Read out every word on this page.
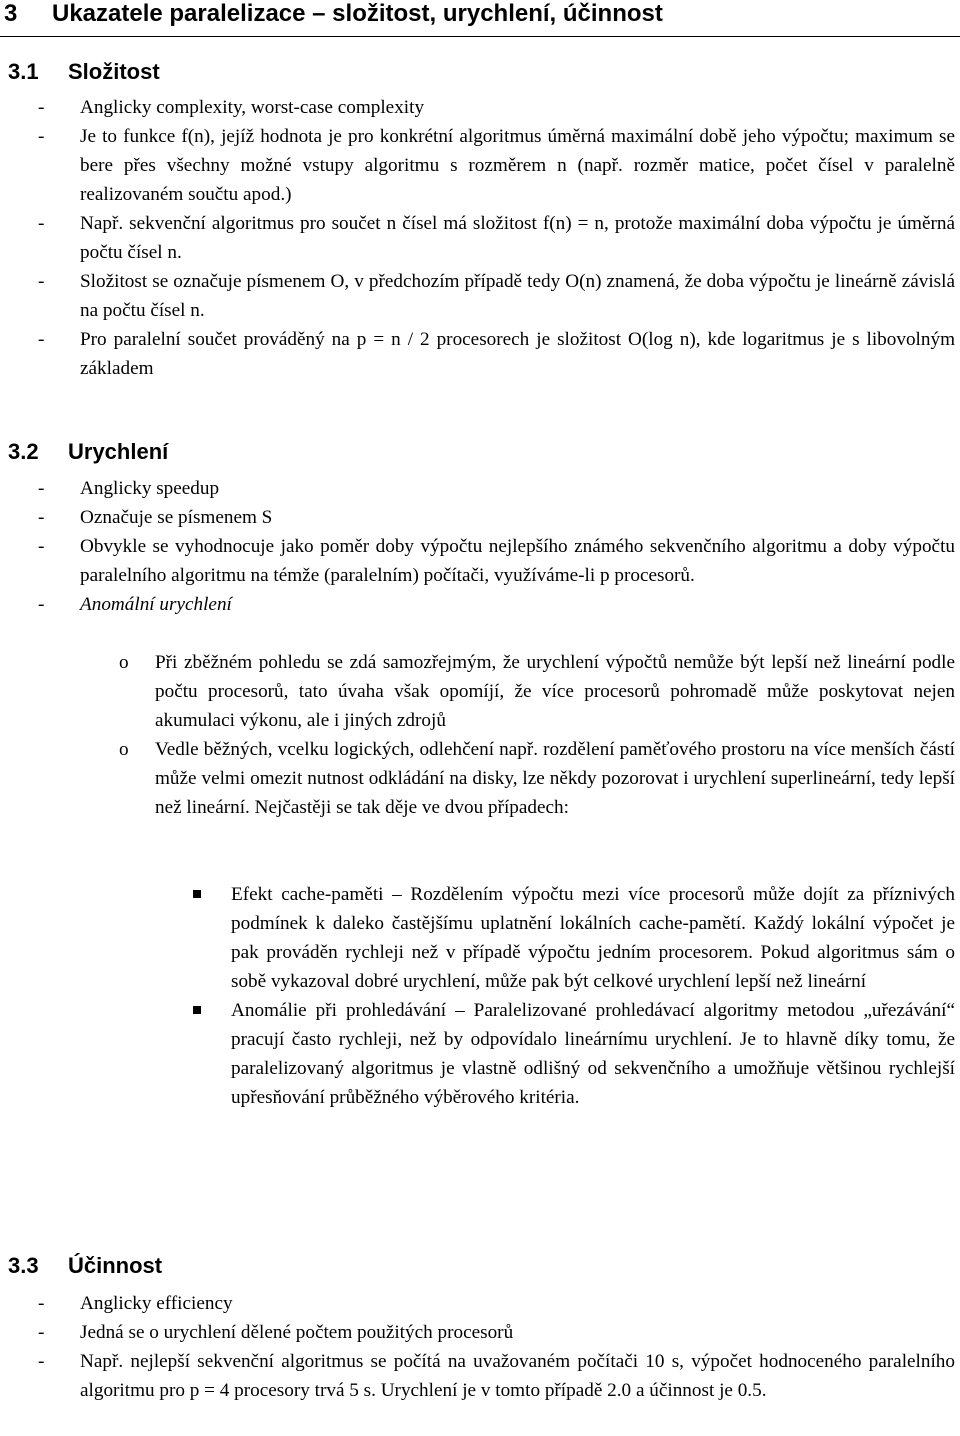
3 Ukazatele paralelizace – složitost, urychlení, účinnost
3.1 Složitost
- Anglicky complexity, worst-case complexity
- Je to funkce f(n), jejíž hodnota je pro konkrétní algoritmus úměrná maximální době jeho výpočtu; maximum se bere přes všechny možné vstupy algoritmu s rozměrem n (např. rozměr matice, počet čísel v paralelně realizovaném součtu apod.)
- Např. sekvenční algoritmus pro součet n čísel má složitost f(n) = n, protože maximální doba výpočtu je úměrná počtu čísel n.
- Složitost se označuje písmenem O, v předchozím případě tedy O(n) znamená, že doba výpočtu je lineárně závislá na počtu čísel n.
- Pro paralelní součet prováděný na p = n / 2 procesorech je složitost O(log n), kde logaritmus je s libovolným základem
3.2 Urychlení
- Anglicky speedup
- Označuje se písmenem S
- Obvykle se vyhodnocuje jako poměr doby výpočtu nejlepšího známého sekvenčního algoritmu a doby výpočtu paralelního algoritmu na témže (paralelním) počítači, využíváme-li p procesorů.
- Anomální urychlení
o Při zběžném pohledu se zdá samozřejmým, že urychlení výpočtů nemůže být lepší než lineární podle počtu procesorů, tato úvaha však opomíjí, že více procesorů pohromadě může poskytovat nejen akumulaci výkonu, ale i jiných zdrojů
o Vedle běžných, vcelku logických, odlehčení např. rozdělení paměťového prostoru na více menších částí může velmi omezit nutnost odkládání na disky, lze někdy pozorovat i urychlení superlineární, tedy lepší než lineární. Nejčastěji se tak děje ve dvou případech:
Efekt cache-paměti – Rozdělením výpočtu mezi více procesorů může dojít za příznivých podmínek k daleko častějšímu uplatnění lokálních cache-pamětí. Každý lokální výpočet je pak prováděn rychleji než v případě výpočtu jedním procesorem. Pokud algoritmus sám o sobě vykazoval dobré urychlení, může pak být celkové urychlení lepší než lineární
Anomálie při prohledávání – Paralelizované prohledávací algoritmy metodou „uřezávání“ pracují často rychleji, než by odpovídalo lineárnímu urychlení. Je to hlavně díky tomu, že paralelizovaný algoritmus je vlastně odlišný od sekvenčního a umožňuje většinou rychlejší upřesňování průběžného výběrového kritéria.
3.3 Účinnost
- Anglicky efficiency
- Jedná se o urychlení dělené počtem použitých procesorů
- Např. nejlepší sekvenční algoritmus se počítá na uvažovaném počítači 10 s, výpočet hodnoceného paralelního algoritmu pro p = 4 procesory trvá 5 s. Urychlení je v tomto případě 2.0 a účinnost je 0.5.
